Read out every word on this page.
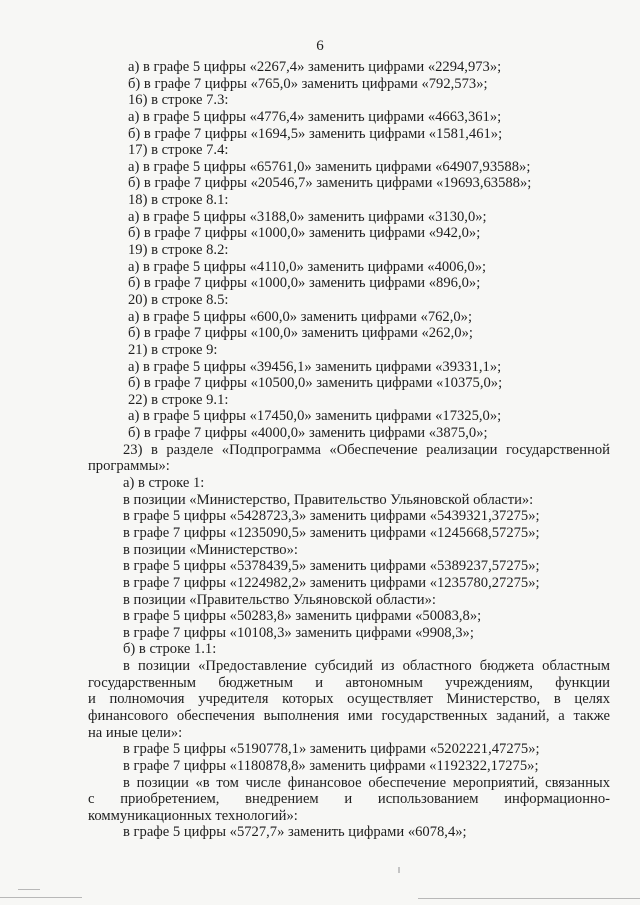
6
а) в графе 5 цифры «2267,4» заменить цифрами «2294,973»;
б) в графе 7 цифры «765,0» заменить цифрами «792,573»;
16) в строке 7.3:
а) в графе 5 цифры «4776,4» заменить цифрами «4663,361»;
б) в графе 7 цифры «1694,5» заменить цифрами «1581,461»;
17) в строке 7.4:
а) в графе 5 цифры «65761,0» заменить цифрами «64907,93588»;
б) в графе 7 цифры «20546,7» заменить цифрами «19693,63588»;
18) в строке 8.1:
а) в графе 5 цифры «3188,0» заменить цифрами «3130,0»;
б) в графе 7 цифры «1000,0» заменить цифрами «942,0»;
19) в строке 8.2:
а) в графе 5 цифры «4110,0» заменить цифрами «4006,0»;
б) в графе 7 цифры «1000,0» заменить цифрами «896,0»;
20) в строке 8.5:
а) в графе 5 цифры «600,0» заменить цифрами «762,0»;
б) в графе 7 цифры «100,0» заменить цифрами «262,0»;
21) в строке 9:
а) в графе 5 цифры «39456,1» заменить цифрами «39331,1»;
б) в графе 7 цифры «10500,0» заменить цифрами «10375,0»;
22) в строке 9.1:
а) в графе 5 цифры «17450,0» заменить цифрами «17325,0»;
б) в графе 7 цифры «4000,0» заменить цифрами «3875,0»;
23) в разделе «Подпрограмма «Обеспечение реализации государственной
программы»:
а) в строке 1:
в позиции «Министерство, Правительство Ульяновской области»:
в графе 5 цифры «5428723,3» заменить цифрами «5439321,37275»;
в графе 7 цифры «1235090,5» заменить цифрами «1245668,57275»;
в позиции «Министерство»:
в графе 5 цифры «5378439,5» заменить цифрами «5389237,57275»;
в графе 7 цифры «1224982,2» заменить цифрами «1235780,27275»;
в позиции «Правительство Ульяновской области»:
в графе 5 цифры «50283,8» заменить цифрами «50083,8»;
в графе 7 цифры «10108,3» заменить цифрами «9908,3»;
б) в строке 1.1:
в позиции «Предоставление субсидий из областного бюджета областным
государственным бюджетным и автономным учреждениям, функции
и полномочия учредителя которых осуществляет Министерство, в целях
финансового обеспечения выполнения ими государственных заданий, а также
на иные цели»:
в графе 5 цифры «5190778,1» заменить цифрами «5202221,47275»;
в графе 7 цифры «1180878,8» заменить цифрами «1192322,17275»;
в позиции «в том числе финансовое обеспечение мероприятий, связанных
с приобретением, внедрением и использованием информационно-
коммуникационных технологий»:
в графе 5 цифры «5727,7» заменить цифрами «6078,4»;
